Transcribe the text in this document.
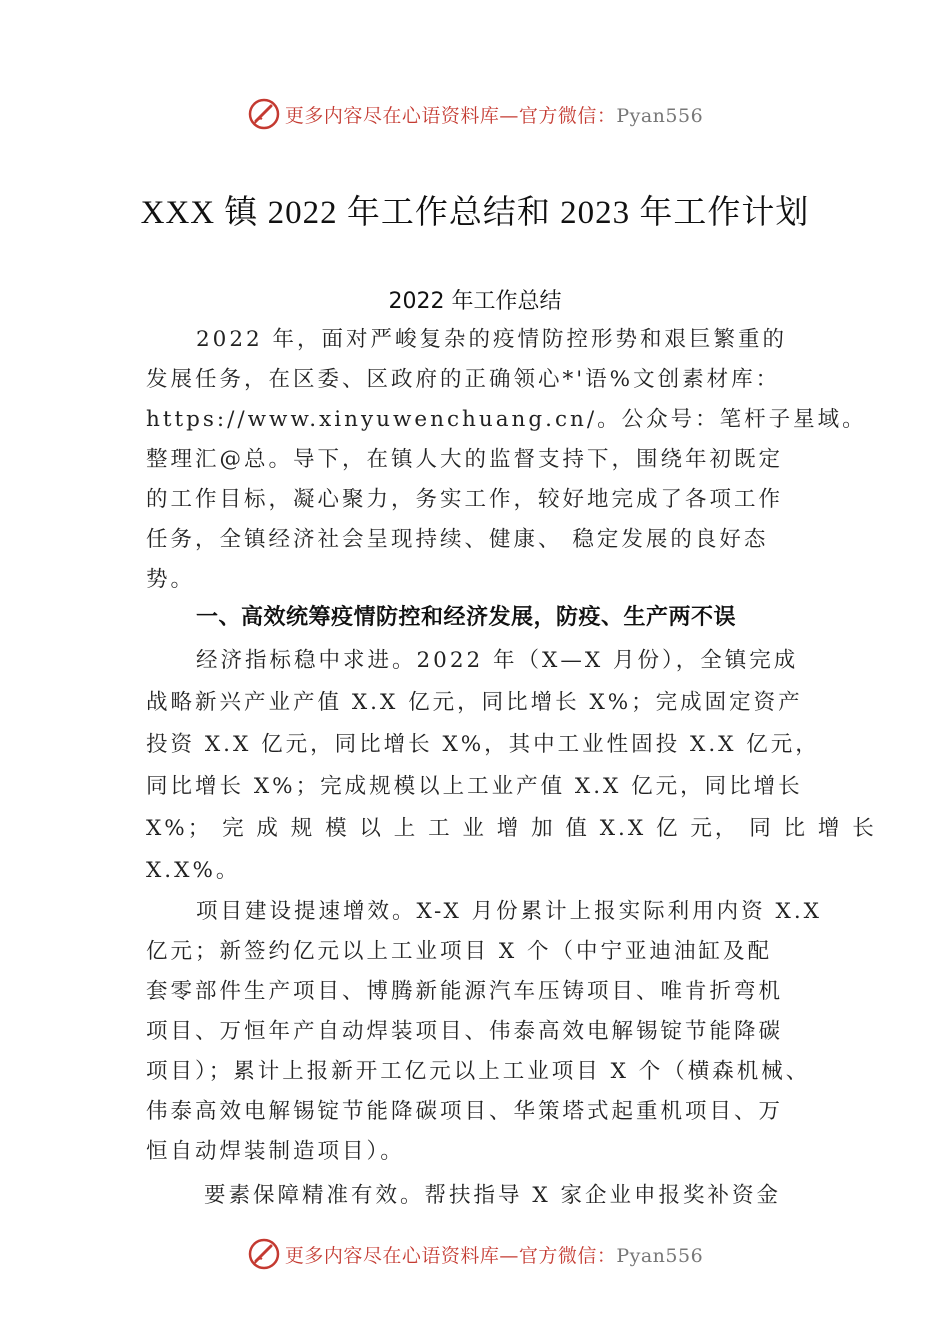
更多内容尽在心语资料库—官方微信：Pyan556
XXX 镇 2022 年工作总结和 2023 年工作计划
2022 年工作总结
2022 年，面对严峻复杂的疫情防控形势和艰巨繁重的
发展任务，在区委、区政府的正确领心*'语%文创素材库：
https://www.xinyuwenchuang.cn/。公众号：笔杆子星域。
整理汇@总。导下，在镇人大的监督支持下，围绕年初既定
的工作目标，凝心聚力，务实工作，较好地完成了各项工作
任务，全镇经济社会呈现持续、健康、 稳定发展的良好态
势。
一、高效统筹疫情防控和经济发展，防疫、生产两不误
经济指标稳中求进。2022 年（X—X 月份），全镇完成
战略新兴产业产值 X.X 亿元，同比增长 X%；完成固定资产
投资 X.X 亿元，同比增长 X%，其中工业性固投 X.X 亿元，
同比增长 X%；完成规模以上工业产值 X.X 亿元，同比增长
X%； 完 成 规 模 以 上 工 业 增 加 值 X.X 亿 元， 同 比 增 长
X.X%。
项目建设提速增效。X-X 月份累计上报实际利用内资 X.X
亿元；新签约亿元以上工业项目 X 个（中宁亚迪油缸及配
套零部件生产项目、博腾新能源汽车压铸项目、唯肯折弯机
项目、万恒年产自动焊装项目、伟泰高效电解锡锭节能降碳
项目）；累计上报新开工亿元以上工业项目 X 个（横森机械、
伟泰高效电解锡锭节能降碳项目、华策塔式起重机项目、万
恒自动焊装制造项目）。
要素保障精准有效。帮扶指导 X 家企业申报奖补资金
更多内容尽在心语资料库—官方微信：Pyan556
